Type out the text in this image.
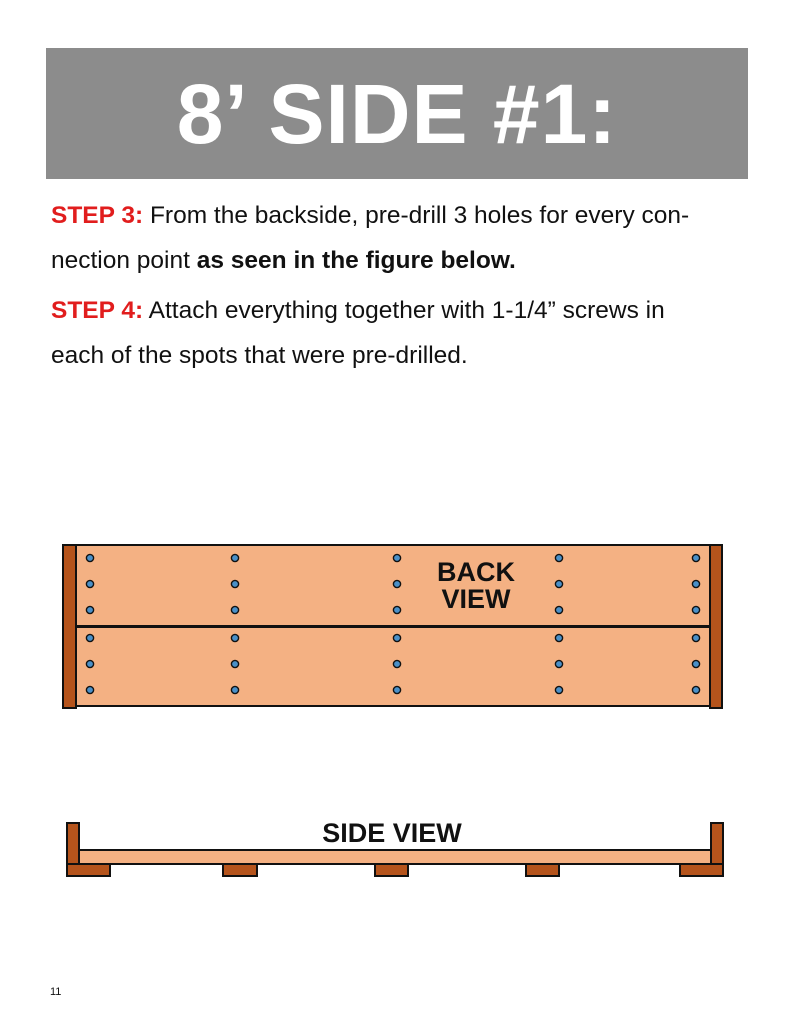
8’ SIDE #1:
STEP 3: From the backside, pre-drill 3 holes for every con-
nection point as seen in the figure below.
STEP 4: Attach everything together with 1-1/4” screws in
each of the spots that were pre-drilled.
BACK
VIEW
SIDE VIEW
11
